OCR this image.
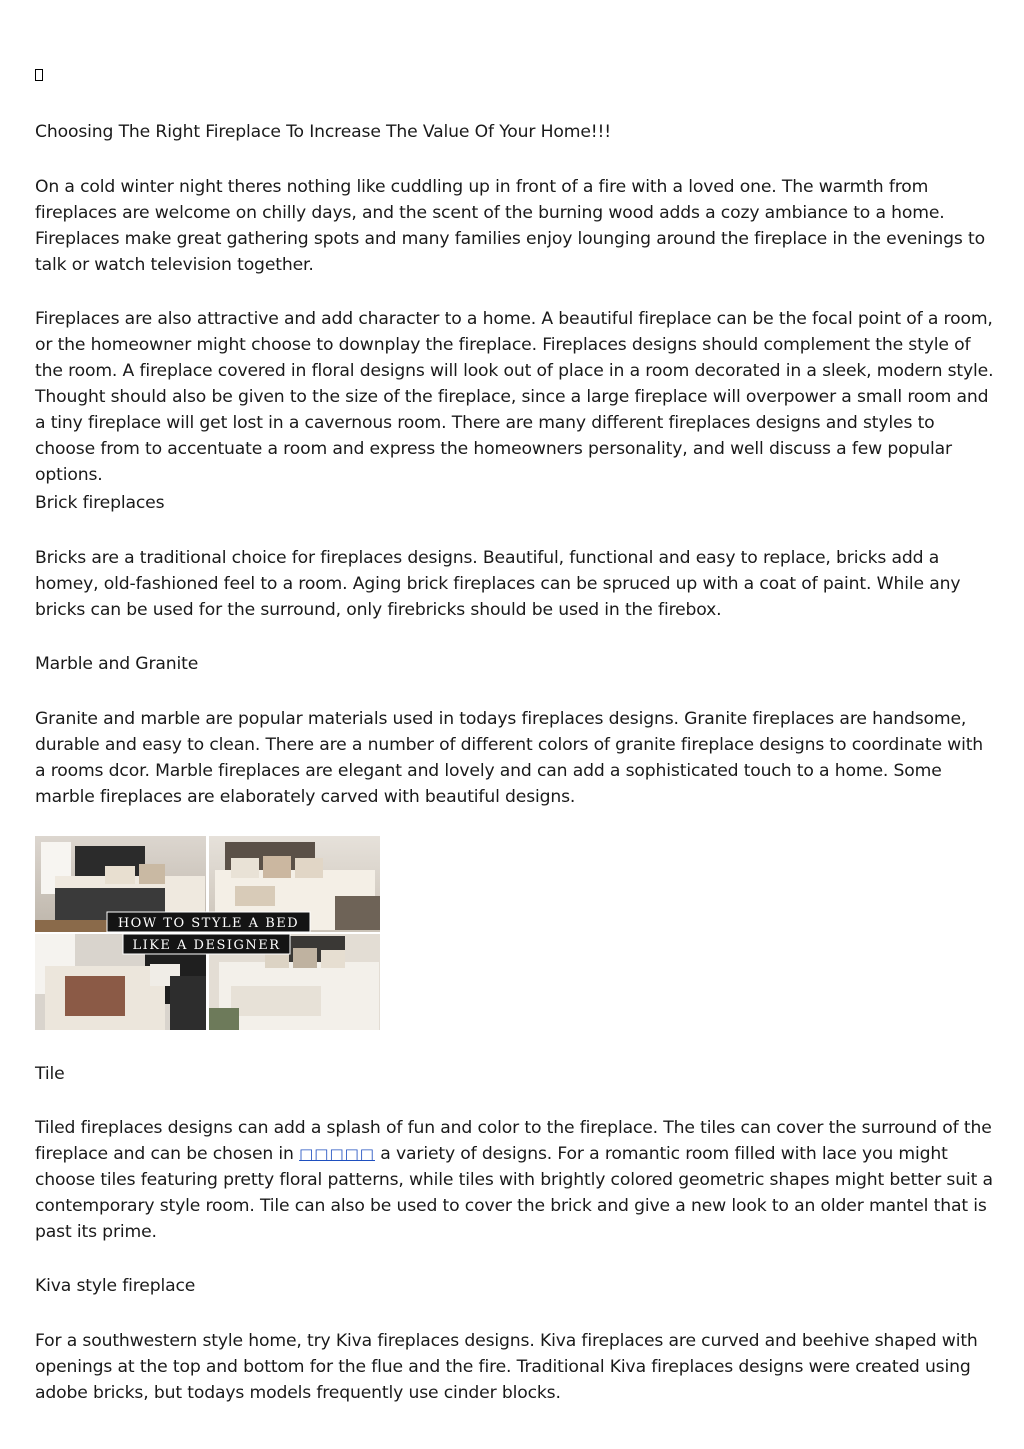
Choosing The Right Fireplace To Increase The Value Of Your Home!!!

On a cold winter night theres nothing like cuddling up in front of a fire with a loved one. The warmth from fireplaces are welcome on chilly days, and the scent of the burning wood adds a cozy ambiance to a home. Fireplaces make great gathering spots and many families enjoy lounging around the fireplace in the evenings to talk or watch television together.

Fireplaces are also attractive and add character to a home. A beautiful fireplace can be the focal point of a room, or the homeowner might choose to downplay the fireplace. Fireplaces designs should complement the style of the room. A fireplace covered in floral designs will look out of place in a room decorated in a sleek, modern style. Thought should also be given to the size of the fireplace, since a large fireplace will overpower a small room and a tiny fireplace will get lost in a cavernous room. There are many different fireplaces designs and styles to choose from to accentuate a room and express the homeowners personality, and well discuss a few popular options.

Brick fireplaces

Bricks are a traditional choice for fireplaces designs. Beautiful, functional and easy to replace, bricks add a homey, old-fashioned feel to a room. Aging brick fireplaces can be spruced up with a coat of paint. While any bricks can be used for the surround, only firebricks should be used in the firebox.

Marble and Granite

Granite and marble are popular materials used in todays fireplaces designs. Granite fireplaces are handsome, durable and easy to clean. There are a number of different colors of granite fireplace designs to coordinate with a rooms dcor. Marble fireplaces are elegant and lovely and can add a sophisticated touch to a home. Some marble fireplaces are elaborately carved with beautiful designs.

HOW TO STYLE A BED
LIKE A DESIGNER

Tile

Tiled fireplaces designs can add a splash of fun and color to the fireplace. The tiles can cover the surround of the fireplace and can be chosen in □□□□□ a variety of designs. For a romantic room filled with lace you might choose tiles featuring pretty floral patterns, while tiles with brightly colored geometric shapes might better suit a contemporary style room. Tile can also be used to cover the brick and give a new look to an older mantel that is past its prime.

Kiva style fireplace

For a southwestern style home, try Kiva fireplaces designs. Kiva fireplaces are curved and beehive shaped with openings at the top and bottom for the flue and the fire. Traditional Kiva fireplaces designs were created using adobe bricks, but todays models frequently use cinder blocks.
